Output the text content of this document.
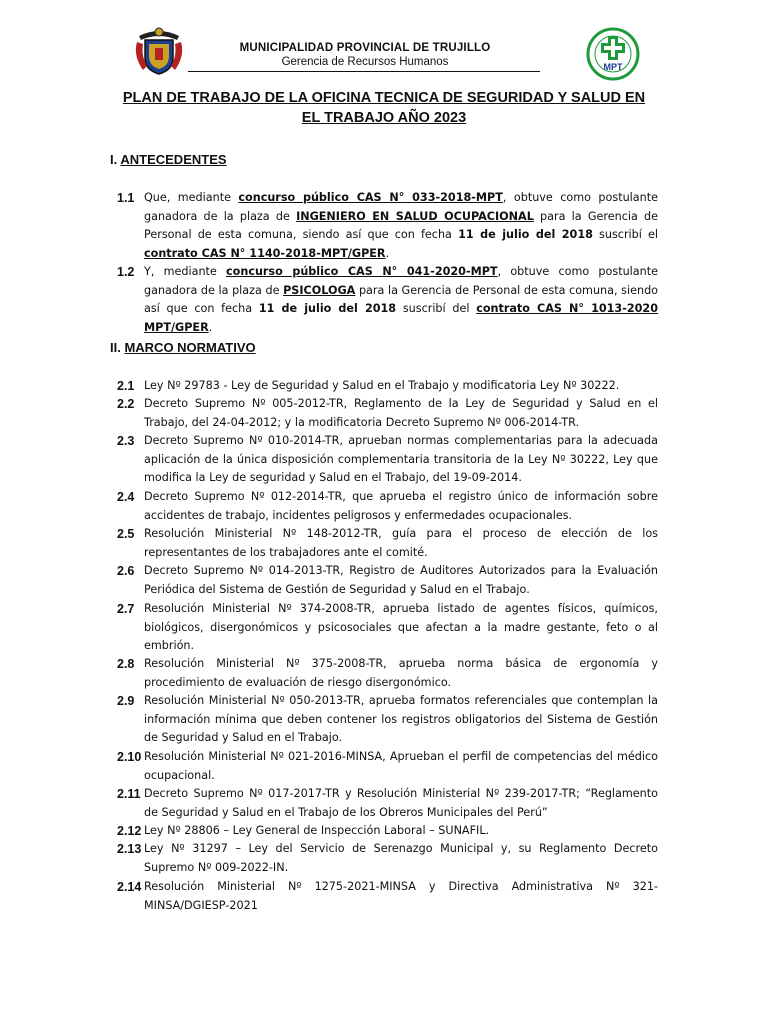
MUNICIPALIDAD PROVINCIAL DE TRUJILLO
Gerencia de Recursos Humanos	MPT
PLAN DE TRABAJO DE LA OFICINA TECNICA DE SEGURIDAD Y SALUD EN
EL TRABAJO AÑO 2023
I. ANTECEDENTES
1.1 Que, mediante concurso público CAS N° 033-2018-MPT, obtuve como postulante ganadora de la plaza de INGENIERO EN SALUD OCUPACIONAL para la Gerencia de Personal de esta comuna, siendo así que con fecha 11 de julio del 2018 suscribí el contrato CAS N° 1140-2018-MPT/GPER.
1.2 Y, mediante concurso público CAS N° 041-2020-MPT, obtuve como postulante ganadora de la plaza de PSICOLOGA para la Gerencia de Personal de esta comuna, siendo así que con fecha 11 de julio del 2018 suscribí del contrato CAS N° 1013-2020 MPT/GPER.
II. MARCO NORMATIVO
2.1 Ley Nº 29783 - Ley de Seguridad y Salud en el Trabajo y modificatoria Ley Nº 30222.
2.2 Decreto Supremo Nº 005-2012-TR, Reglamento de la Ley de Seguridad y Salud en el Trabajo, del 24-04-2012; y la modificatoria Decreto Supremo Nº 006-2014-TR.
2.3 Decreto Supremo Nº 010-2014-TR, aprueban normas complementarias para la adecuada aplicación de la única disposición complementaria transitoria de la Ley Nº 30222, Ley que modifica la Ley de seguridad y Salud en el Trabajo, del 19-09-2014.
2.4 Decreto Supremo Nº 012-2014-TR, que aprueba el registro único de información sobre accidentes de trabajo, incidentes peligrosos y enfermedades ocupacionales.
2.5 Resolución Ministerial Nº 148-2012-TR, guía para el proceso de elección de los representantes de los trabajadores ante el comité.
2.6 Decreto Supremo Nº 014-2013-TR, Registro de Auditores Autorizados para la Evaluación Periódica del Sistema de Gestión de Seguridad y Salud en el Trabajo.
2.7 Resolución Ministerial Nº 374-2008-TR, aprueba listado de agentes físicos, químicos, biológicos, disergonómicos y psicosociales que afectan a la madre gestante, feto o al embrión.
2.8 Resolución Ministerial Nº 375-2008-TR, aprueba norma básica de ergonomía y procedimiento de evaluación de riesgo disergonómico.
2.9 Resolución Ministerial Nº 050-2013-TR, aprueba formatos referenciales que contemplan la información mínima que deben contener los registros obligatorios del Sistema de Gestión de Seguridad y Salud en el Trabajo.
2.10 Resolución Ministerial Nº 021-2016-MINSA, Aprueban el perfil de competencias del médico ocupacional.
2.11 Decreto Supremo Nº 017-2017-TR y Resolución Ministerial Nº 239-2017-TR; “Reglamento de Seguridad y Salud en el Trabajo de los Obreros Municipales del Perú”
2.12 Ley Nº 28806 – Ley General de Inspección Laboral – SUNAFIL.
2.13 Ley Nº 31297 – Ley del Servicio de Serenazgo Municipal y, su Reglamento Decreto Supremo Nº 009-2022-IN.
2.14 Resolución Ministerial Nº 1275-2021-MINSA y Directiva Administrativa Nº 321-MINSA/DGIESP-2021
